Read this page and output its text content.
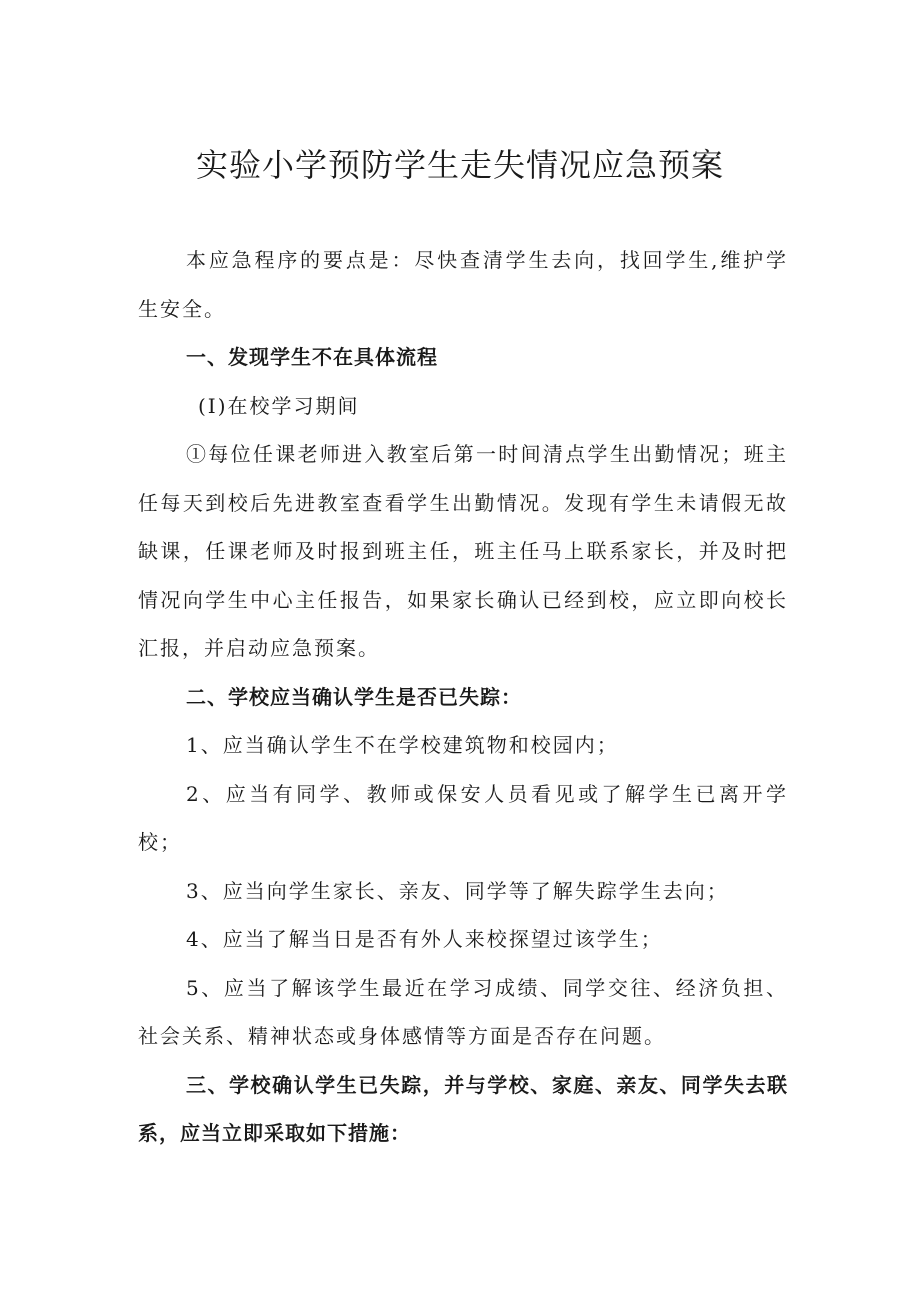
实验小学预防学生走失情况应急预案

本应急程序的要点是：尽快查清学生去向，找回学生,维护学生安全。

一、发现学生不在具体流程

(I)在校学习期间

①每位任课老师进入教室后第一时间清点学生出勤情况；班主任每天到校后先进教室查看学生出勤情况。发现有学生未请假无故缺课，任课老师及时报到班主任，班主任马上联系家长，并及时把情况向学生中心主任报告，如果家长确认已经到校，应立即向校长汇报，并启动应急预案。

二、学校应当确认学生是否已失踪：

1、应当确认学生不在学校建筑物和校园内；

2、应当有同学、教师或保安人员看见或了解学生已离开学校；

3、应当向学生家长、亲友、同学等了解失踪学生去向；

4、应当了解当日是否有外人来校探望过该学生；

5、应当了解该学生最近在学习成绩、同学交往、经济负担、社会关系、精神状态或身体感情等方面是否存在问题。

三、学校确认学生已失踪，并与学校、家庭、亲友、同学失去联系，应当立即采取如下措施：
